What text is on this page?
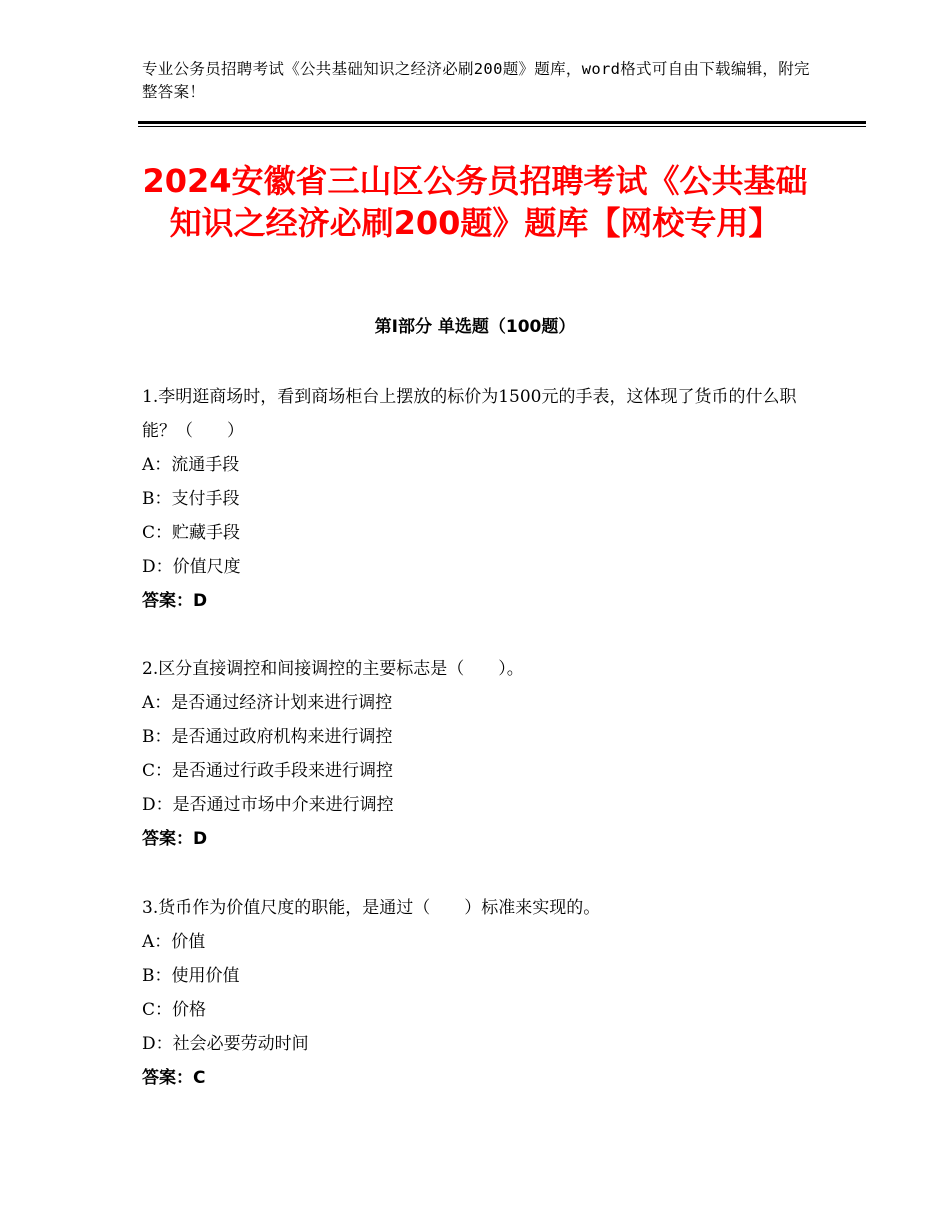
专业公务员招聘考试《公共基础知识之经济必刷200题》题库，word格式可自由下载编辑，附完整答案！
2024安徽省三山区公务员招聘考试《公共基础知识之经济必刷200题》题库【网校专用】
第Ⅰ部分 单选题（100题）
1.李明逛商场时，看到商场柜台上摆放的标价为1500元的手表，这体现了货币的什么职能？（　　）
A：流通手段
B：支付手段
C：贮藏手段
D：价值尺度
答案：D
2.区分直接调控和间接调控的主要标志是（　　）。
A：是否通过经济计划来进行调控
B：是否通过政府机构来进行调控
C：是否通过行政手段来进行调控
D：是否通过市场中介来进行调控
答案：D
3.货币作为价值尺度的职能，是通过（　　）标准来实现的。
A：价值
B：使用价值
C：价格
D：社会必要劳动时间
答案：C
